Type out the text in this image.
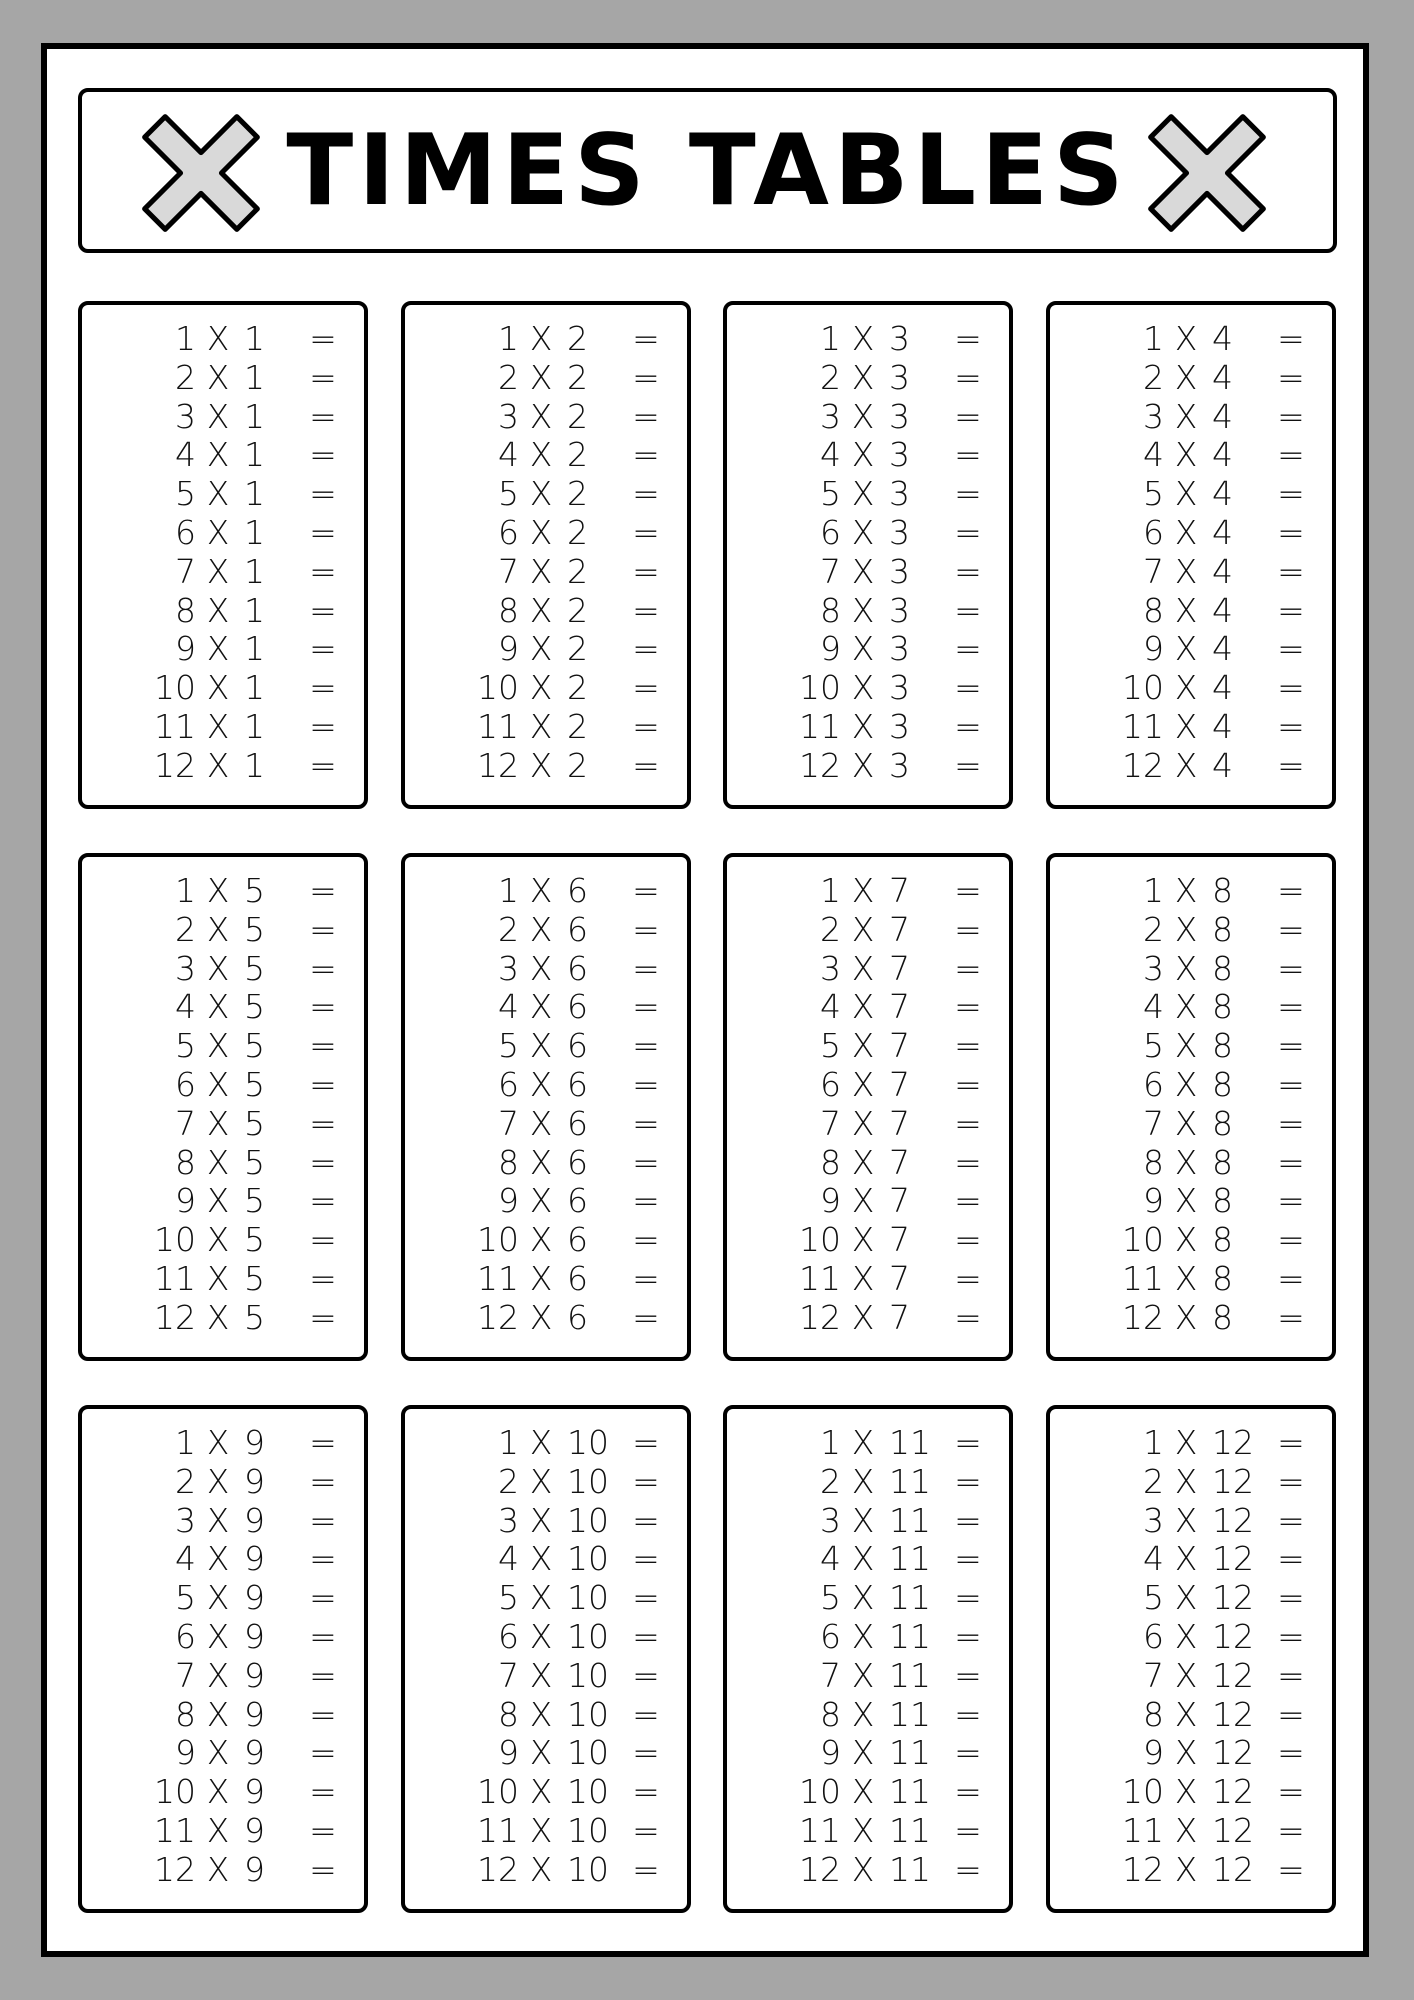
TIMES TABLES
1 X 1	=
2 X 1	=
3 X 1	=
4 X 1	=
5 X 1	=
6 X 1	=
7 X 1	=
8 X 1	=
9 X 1	=
10 X 1	=
11 X 1	=
12 X 1	=
1 X 2	=
2 X 2	=
3 X 2	=
4 X 2	=
5 X 2	=
6 X 2	=
7 X 2	=
8 X 2	=
9 X 2	=
10 X 2	=
11 X 2	=
12 X 2	=
1 X 3	=
2 X 3	=
3 X 3	=
4 X 3	=
5 X 3	=
6 X 3	=
7 X 3	=
8 X 3	=
9 X 3	=
10 X 3	=
11 X 3	=
12 X 3	=
1 X 4	=
2 X 4	=
3 X 4	=
4 X 4	=
5 X 4	=
6 X 4	=
7 X 4	=
8 X 4	=
9 X 4	=
10 X 4	=
11 X 4	=
12 X 4	=
1 X 5	=
2 X 5	=
3 X 5	=
4 X 5	=
5 X 5	=
6 X 5	=
7 X 5	=
8 X 5	=
9 X 5	=
10 X 5	=
11 X 5	=
12 X 5	=
1 X 6	=
2 X 6	=
3 X 6	=
4 X 6	=
5 X 6	=
6 X 6	=
7 X 6	=
8 X 6	=
9 X 6	=
10 X 6	=
11 X 6	=
12 X 6	=
1 X 7	=
2 X 7	=
3 X 7	=
4 X 7	=
5 X 7	=
6 X 7	=
7 X 7	=
8 X 7	=
9 X 7	=
10 X 7	=
11 X 7	=
12 X 7	=
1 X 8	=
2 X 8	=
3 X 8	=
4 X 8	=
5 X 8	=
6 X 8	=
7 X 8	=
8 X 8	=
9 X 8	=
10 X 8	=
11 X 8	=
12 X 8	=
1 X 9	=
2 X 9	=
3 X 9	=
4 X 9	=
5 X 9	=
6 X 9	=
7 X 9	=
8 X 9	=
9 X 9	=
10 X 9	=
11 X 9	=
12 X 9	=
1 X 10 =
2 X 10 =
3 X 10 =
4 X 10 =
5 X 10 =
6 X 10 =
7 X 10 =
8 X 10 =
9 X 10 =
10 X 10 =
11 X 10 =
12 X 10 =
1 X 11 =
2 X 11 =
3 X 11 =
4 X 11 =
5 X 11 =
6 X 11 =
7 X 11 =
8 X 11 =
9 X 11 =
10 X 11 =
11 X 11 =
12 X 11 =
1 X 12 =
2 X 12 =
3 X 12 =
4 X 12 =
5 X 12 =
6 X 12 =
7 X 12 =
8 X 12 =
9 X 12 =
10 X 12 =
11 X 12 =
12 X 12 =
